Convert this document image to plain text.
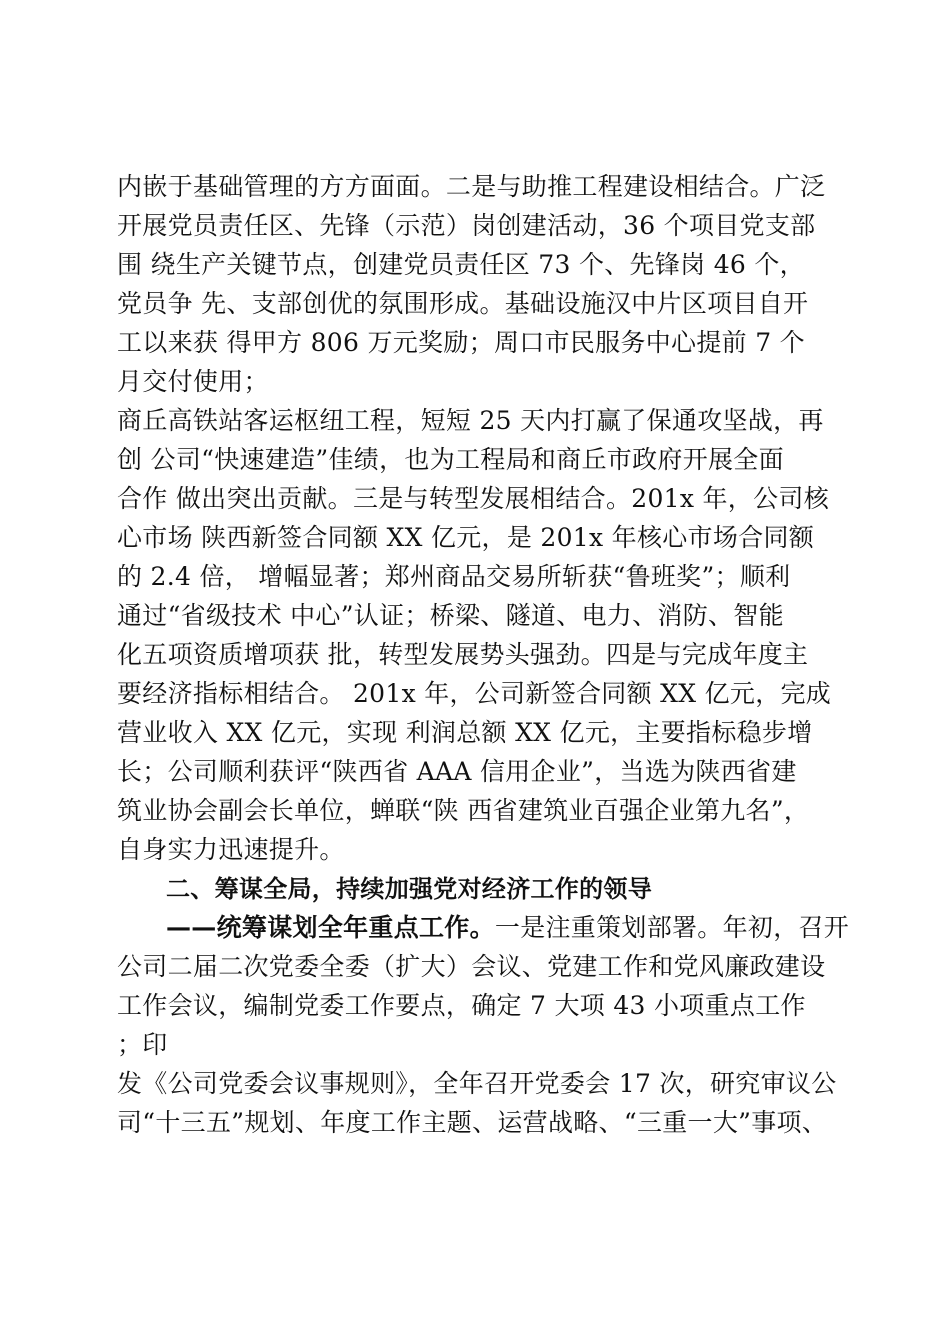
内嵌于基础管理的方方面面。二是与助推工程建设相结合。广泛

开展党员责任区、先锋（示范）岗创建活动，36 个项目党支部

围 绕生产关键节点，创建党员责任区 73 个、先锋岗 46 个，

党员争 先、支部创优的氛围形成。基础设施汉中片区项目自开

工以来获 得甲方 806 万元奖励；周口市民服务中心提前 7 个

月交付使用；

商丘高铁站客运枢纽工程，短短 25 天内打赢了保通攻坚战，再

创 公司“快速建造”佳绩，也为工程局和商丘市政府开展全面

合作 做出突出贡献。三是与转型发展相结合。201x 年，公司核

心市场 陕西新签合同额 XX 亿元，是 201x 年核心市场合同额

的 2.4 倍， 增幅显著；郑州商品交易所斩获“鲁班奖”；顺利

通过“省级技术 中心”认证；桥梁、隧道、电力、消防、智能

化五项资质增项获 批，转型发展势头强劲。四是与完成年度主

要经济指标相结合。 201x 年，公司新签合同额 XX 亿元，完成

营业收入 XX 亿元，实现 利润总额 XX 亿元，主要指标稳步增

长；公司顺利获评“陕西省 AAA 信用企业”，当选为陕西省建

筑业协会副会长单位，蝉联“陕 西省建筑业百强企业第九名”，

自身实力迅速提升。

二、筹谋全局，持续加强党对经济工作的领导

——统筹谋划全年重点工作。一是注重策划部署。年初，召开

公司二届二次党委全委（扩大）会议、党建工作和党风廉政建设

工作会议，编制党委工作要点，确定 7 大项 43 小项重点工作

；印

发《公司党委会议事规则》，全年召开党委会 17 次，研究审议公

司“十三五”规划、年度工作主题、运营战略、“三重一大”事项、
